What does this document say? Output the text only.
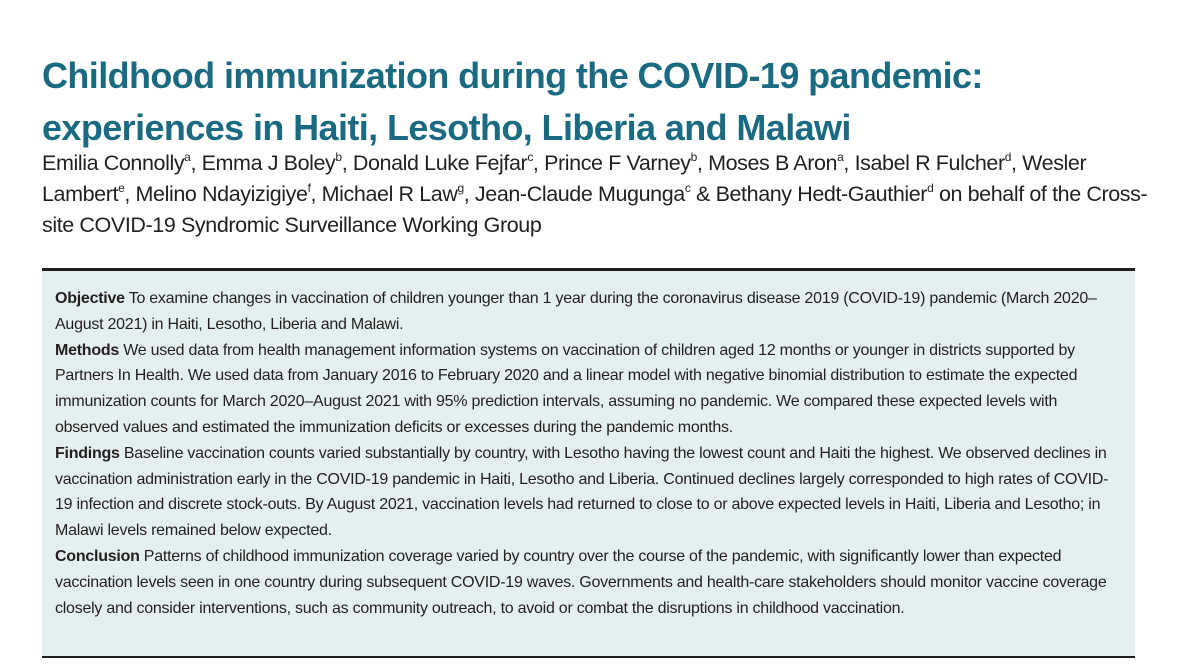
Childhood immunization during the COVID-19 pandemic: experiences in Haiti, Lesotho, Liberia and Malawi

Emilia Connolly$^a$, Emma J Boley$^b$, Donald Luke Fejfar$^c$, Prince F Varney$^b$, Moses B Aron$^a$, Isabel R Fulcher$^d$, Wesler Lambert$^e$, Melino Ndayizigiye$^f$, Michael R Law$^g$, Jean-Claude Mugunga$^c$ & Bethany Hedt-Gauthier$^d$ on behalf of the Cross-site COVID-19 Syndromic Surveillance Working Group

Objective To examine changes in vaccination of children younger than 1 year during the coronavirus disease 2019 (COVID-19) pandemic (March 2020–August 2021) in Haiti, Lesotho, Liberia and Malawi.

Methods We used data from health management information systems on vaccination of children aged 12 months or younger in districts supported by Partners In Health. We used data from January 2016 to February 2020 and a linear model with negative binomial distribution to estimate the expected immunization counts for March 2020–August 2021 with 95% prediction intervals, assuming no pandemic. We compared these expected levels with observed values and estimated the immunization deficits or excesses during the pandemic months.

Findings Baseline vaccination counts varied substantially by country, with Lesotho having the lowest count and Haiti the highest. We observed declines in vaccination administration early in the COVID-19 pandemic in Haiti, Lesotho and Liberia. Continued declines largely corresponded to high rates of COVID-19 infection and discrete stock-outs. By August 2021, vaccination levels had returned to close to or above expected levels in Haiti, Liberia and Lesotho; in Malawi levels remained below expected.

Conclusion Patterns of childhood immunization coverage varied by country over the course of the pandemic, with significantly lower than expected vaccination levels seen in one country during subsequent COVID-19 waves. Governments and health-care stakeholders should monitor vaccine coverage closely and consider interventions, such as community outreach, to avoid or combat the disruptions in childhood vaccination.
